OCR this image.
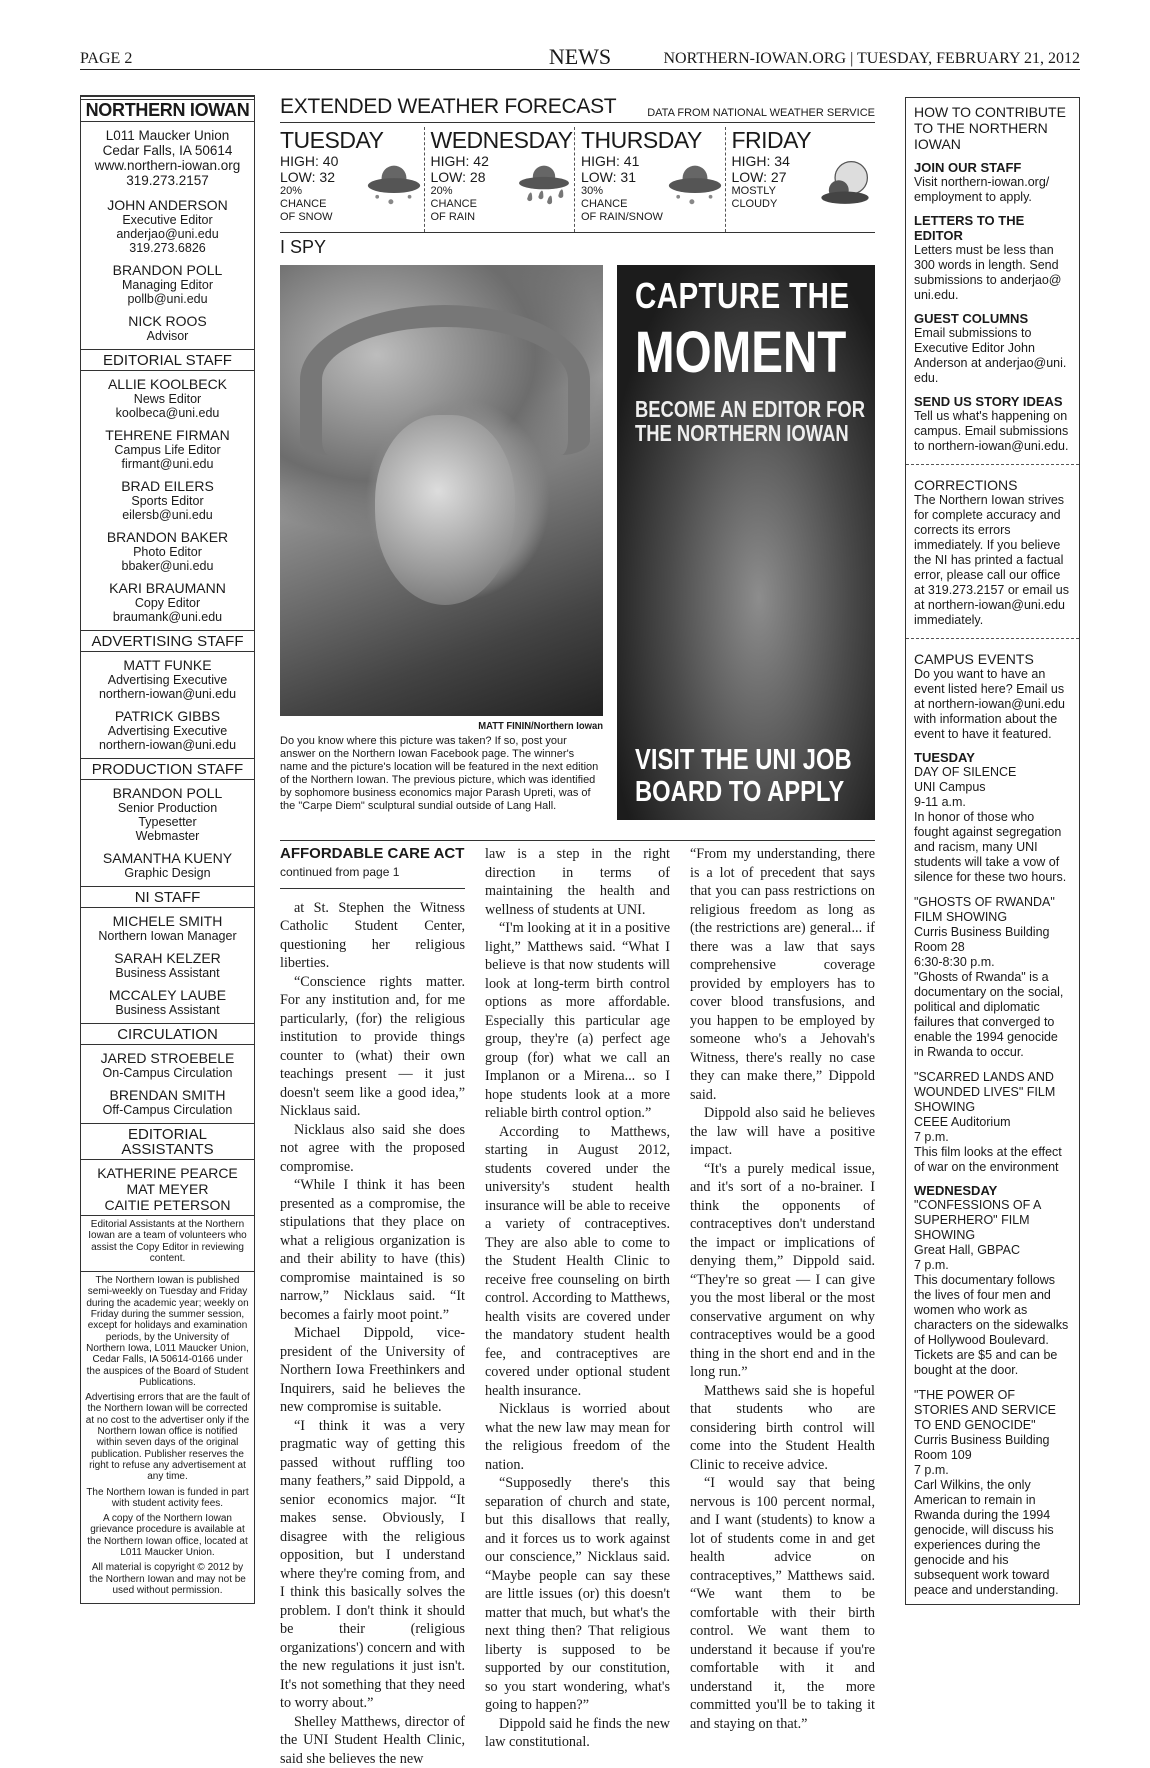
PAGE 2	NEWS	NORTHERN-IOWAN.ORG | TUESDAY, FEBRUARY 21, 2012
NORTHERN IOWAN
L011 Maucker Union
Cedar Falls, IA 50614
www.northern-iowan.org
319.273.2157
JOHN ANDERSON
Executive Editor
anderjao@uni.edu
319.273.6826
BRANDON POLL
Managing Editor
pollb@uni.edu
NICK ROOS
Advisor
EDITORIAL STAFF
ALLIE KOOLBECK
News Editor
koolbeca@uni.edu
TEHRENE FIRMAN
Campus Life Editor
firmant@uni.edu
BRAD EILERS
Sports Editor
eilersb@uni.edu
BRANDON BAKER
Photo Editor
bbaker@uni.edu
KARI BRAUMANN
Copy Editor
braumank@uni.edu
ADVERTISING STAFF
MATT FUNKE
Advertising Executive
northern-iowan@uni.edu
PATRICK GIBBS
Advertising Executive
northern-iowan@uni.edu
PRODUCTION STAFF
BRANDON POLL
Senior Production
Typesetter
Webmaster
SAMANTHA KUENY
Graphic Design
NI STAFF
MICHELE SMITH
Northern Iowan Manager
SARAH KELZER
Business Assistant
MCCALEY LAUBE
Business Assistant
CIRCULATION
JARED STROEBELE
On-Campus Circulation
BRENDAN SMITH
Off-Campus Circulation
EDITORIAL ASSISTANTS
KATHERINE PEARCE
MAT MEYER
CAITIE PETERSON

Editorial Assistants at the Northern Iowan are a team of volunteers who assist the Copy Editor in reviewing content.

The Northern Iowan is published semi-weekly on Tuesday and Friday during the academic year; weekly on Friday during the summer session, except for holidays and examination periods, by the University of Northern Iowa, L011 Maucker Union, Cedar Falls, IA 50614-0166 under the auspices of the Board of Student Publications.

Advertising errors that are the fault of the Northern Iowan will be corrected at no cost to the advertiser only if the Northern Iowan office is notified within seven days of the original publication. Publisher reserves the right to refuse any advertisement at any time.

The Northern Iowan is funded in part with student activity fees.

A copy of the Northern Iowan grievance procedure is available at the Northern Iowan office, located at L011 Maucker Union.

All material is copyright © 2012 by the Northern Iowan and may not be used without permission.

EXTENDED WEATHER FORECAST	DATA FROM NATIONAL WEATHER SERVICE
TUESDAY
HIGH: 40
LOW: 32
20%
CHANCE
OF SNOW
WEDNESDAY
HIGH: 42
LOW: 28
20%
CHANCE
OF RAIN
THURSDAY
HIGH: 41
LOW: 31
30%
CHANCE
OF RAIN/SNOW
FRIDAY
HIGH: 34
LOW: 27
MOSTLY
CLOUDY
I SPY
MATT FININ/Northern Iowan
Do you know where this picture was taken? If so, post your answer on the Northern Iowan Facebook page. The winner's name and the picture's location will be featured in the next edition of the Northern Iowan. The previous picture, which was identified by sophomore business economics major Parash Upreti, was of the "Carpe Diem" sculptural sundial outside of Lang Hall.
CAPTURE THE
MOMENT
BECOME AN EDITOR FOR THE NORTHERN IOWAN
VISIT THE UNI JOB BOARD TO APPLY
AFFORDABLE CARE ACT
continued from page 1

at St. Stephen the Witness Catholic Student Center, questioning her religious liberties.

“Conscience rights matter. For any institution and, for me particularly, (for) the religious institution to provide things counter to (what) their own teachings present — it just doesn't seem like a good idea,” Nicklaus said.

Nicklaus also said she does not agree with the proposed compromise.

“While I think it has been presented as a compromise, the stipulations that they place on what a religious organization is and their ability to have (this) compromise maintained is so narrow,” Nicklaus said. “It becomes a fairly moot point.”

Michael Dippold, vice-president of the University of Northern Iowa Freethinkers and Inquirers, said he believes the new compromise is suitable.

“I think it was a very pragmatic way of getting this passed without ruffling too many feathers,” said Dippold, a senior economics major. “It makes sense. Obviously, I disagree with the religious opposition, but I understand where they're coming from, and I think this basically solves the problem. I don't think it should be their (religious organizations') concern and with the new regulations it just isn't. It's not something that they need to worry about.”

Shelley Matthews, director of the UNI Student Health Clinic, said she believes the new

law is a step in the right direction in terms of maintaining the health and wellness of students at UNI.

“I'm looking at it in a positive light,” Matthews said. “What I believe is that now students will look at long-term birth control options as more affordable. Especially this particular age group, they're (a) perfect age group (for) what we call an Implanon or a Mirena... so I hope students look at a more reliable birth control option.”

According to Matthews, starting in August 2012, students covered under the university's student health insurance will be able to receive a variety of contraceptives. They are also able to come to the Student Health Clinic to receive free counseling on birth control. According to Matthews, health visits are covered under the mandatory student health fee, and contraceptives are covered under optional student health insurance.

Nicklaus is worried about what the new law may mean for the religious freedom of the nation.

“Supposedly there's this separation of church and state, but this disallows that really, and it forces us to work against our conscience,” Nicklaus said. “Maybe people can say these are little issues (or) this doesn't matter that much, but what's the next thing then? That religious liberty is supposed to be supported by our constitution, so you start wondering, what's going to happen?”

Dippold said he finds the new law constitutional.

“From my understanding, there is a lot of precedent that says that you can pass restrictions on religious freedom as long as (the restrictions are) general... if there was a law that says comprehensive coverage provided by employers has to cover blood transfusions, and you happen to be employed by someone who's a Jehovah's Witness, there's really no case they can make there,” Dippold said.

Dippold also said he believes the law will have a positive impact.

“It's a purely medical issue, and it's sort of a no-brainer. I think the opponents of contraceptives don't understand the impact or implications of denying them,” Dippold said. “They're so great — I can give you the most liberal or the most conservative argument on why contraceptives would be a good thing in the short end and in the long run.”

Matthews said she is hopeful that students who are considering birth control will come into the Student Health Clinic to receive advice.

“I would say that being nervous is 100 percent normal, and I want (students) to know a lot of students come in and get health advice on contraceptives,” Matthews said. “We want them to be comfortable with their birth control. We want them to understand it because if you're comfortable with it and understand it, the more committed you'll be to taking it and staying on that.”

HOW TO CONTRIBUTE TO THE NORTHERN IOWAN
JOIN OUR STAFF
Visit northern-iowan.org/ employment to apply.
LETTERS TO THE EDITOR
Letters must be less than 300 words in length. Send submissions to anderjao@ uni.edu.
GUEST COLUMNS
Email submissions to Executive Editor John Anderson at anderjao@uni. edu.
SEND US STORY IDEAS
Tell us what's happening on campus. Email submissions to northern-iowan@uni.edu.
CORRECTIONS
The Northern Iowan strives for complete accuracy and corrects its errors immediately. If you believe the NI has printed a factual error, please call our office at 319.273.2157 or email us at northern-iowan@uni.edu immediately.
CAMPUS EVENTS
Do you want to have an event listed here? Email us at northern-iowan@uni.edu with information about the event to have it featured.
TUESDAY
DAY OF SILENCE
UNI Campus
9-11 a.m.
In honor of those who fought against segregation and racism, many UNI students will take a vow of silence for these two hours.
"GHOSTS OF RWANDA" FILM SHOWING
Curris Business Building Room 28
6:30-8:30 p.m.
"Ghosts of Rwanda" is a documentary on the social, political and diplomatic failures that converged to enable the 1994 genocide in Rwanda to occur.
"SCARRED LANDS AND WOUNDED LIVES" FILM SHOWING
CEEE Auditorium
7 p.m.
This film looks at the effect of war on the environment
WEDNESDAY
"CONFESSIONS OF A SUPERHERO" FILM SHOWING
Great Hall, GBPAC
7 p.m.
This documentary follows the lives of four men and women who work as characters on the sidewalks of Hollywood Boulevard. Tickets are $5 and can be bought at the door.
"THE POWER OF STORIES AND SERVICE TO END GENOCIDE"
Curris Business Building Room 109
7 p.m.
Carl Wilkins, the only American to remain in Rwanda during the 1994 genocide, will discuss his experiences during the genocide and his subsequent work toward peace and understanding.
